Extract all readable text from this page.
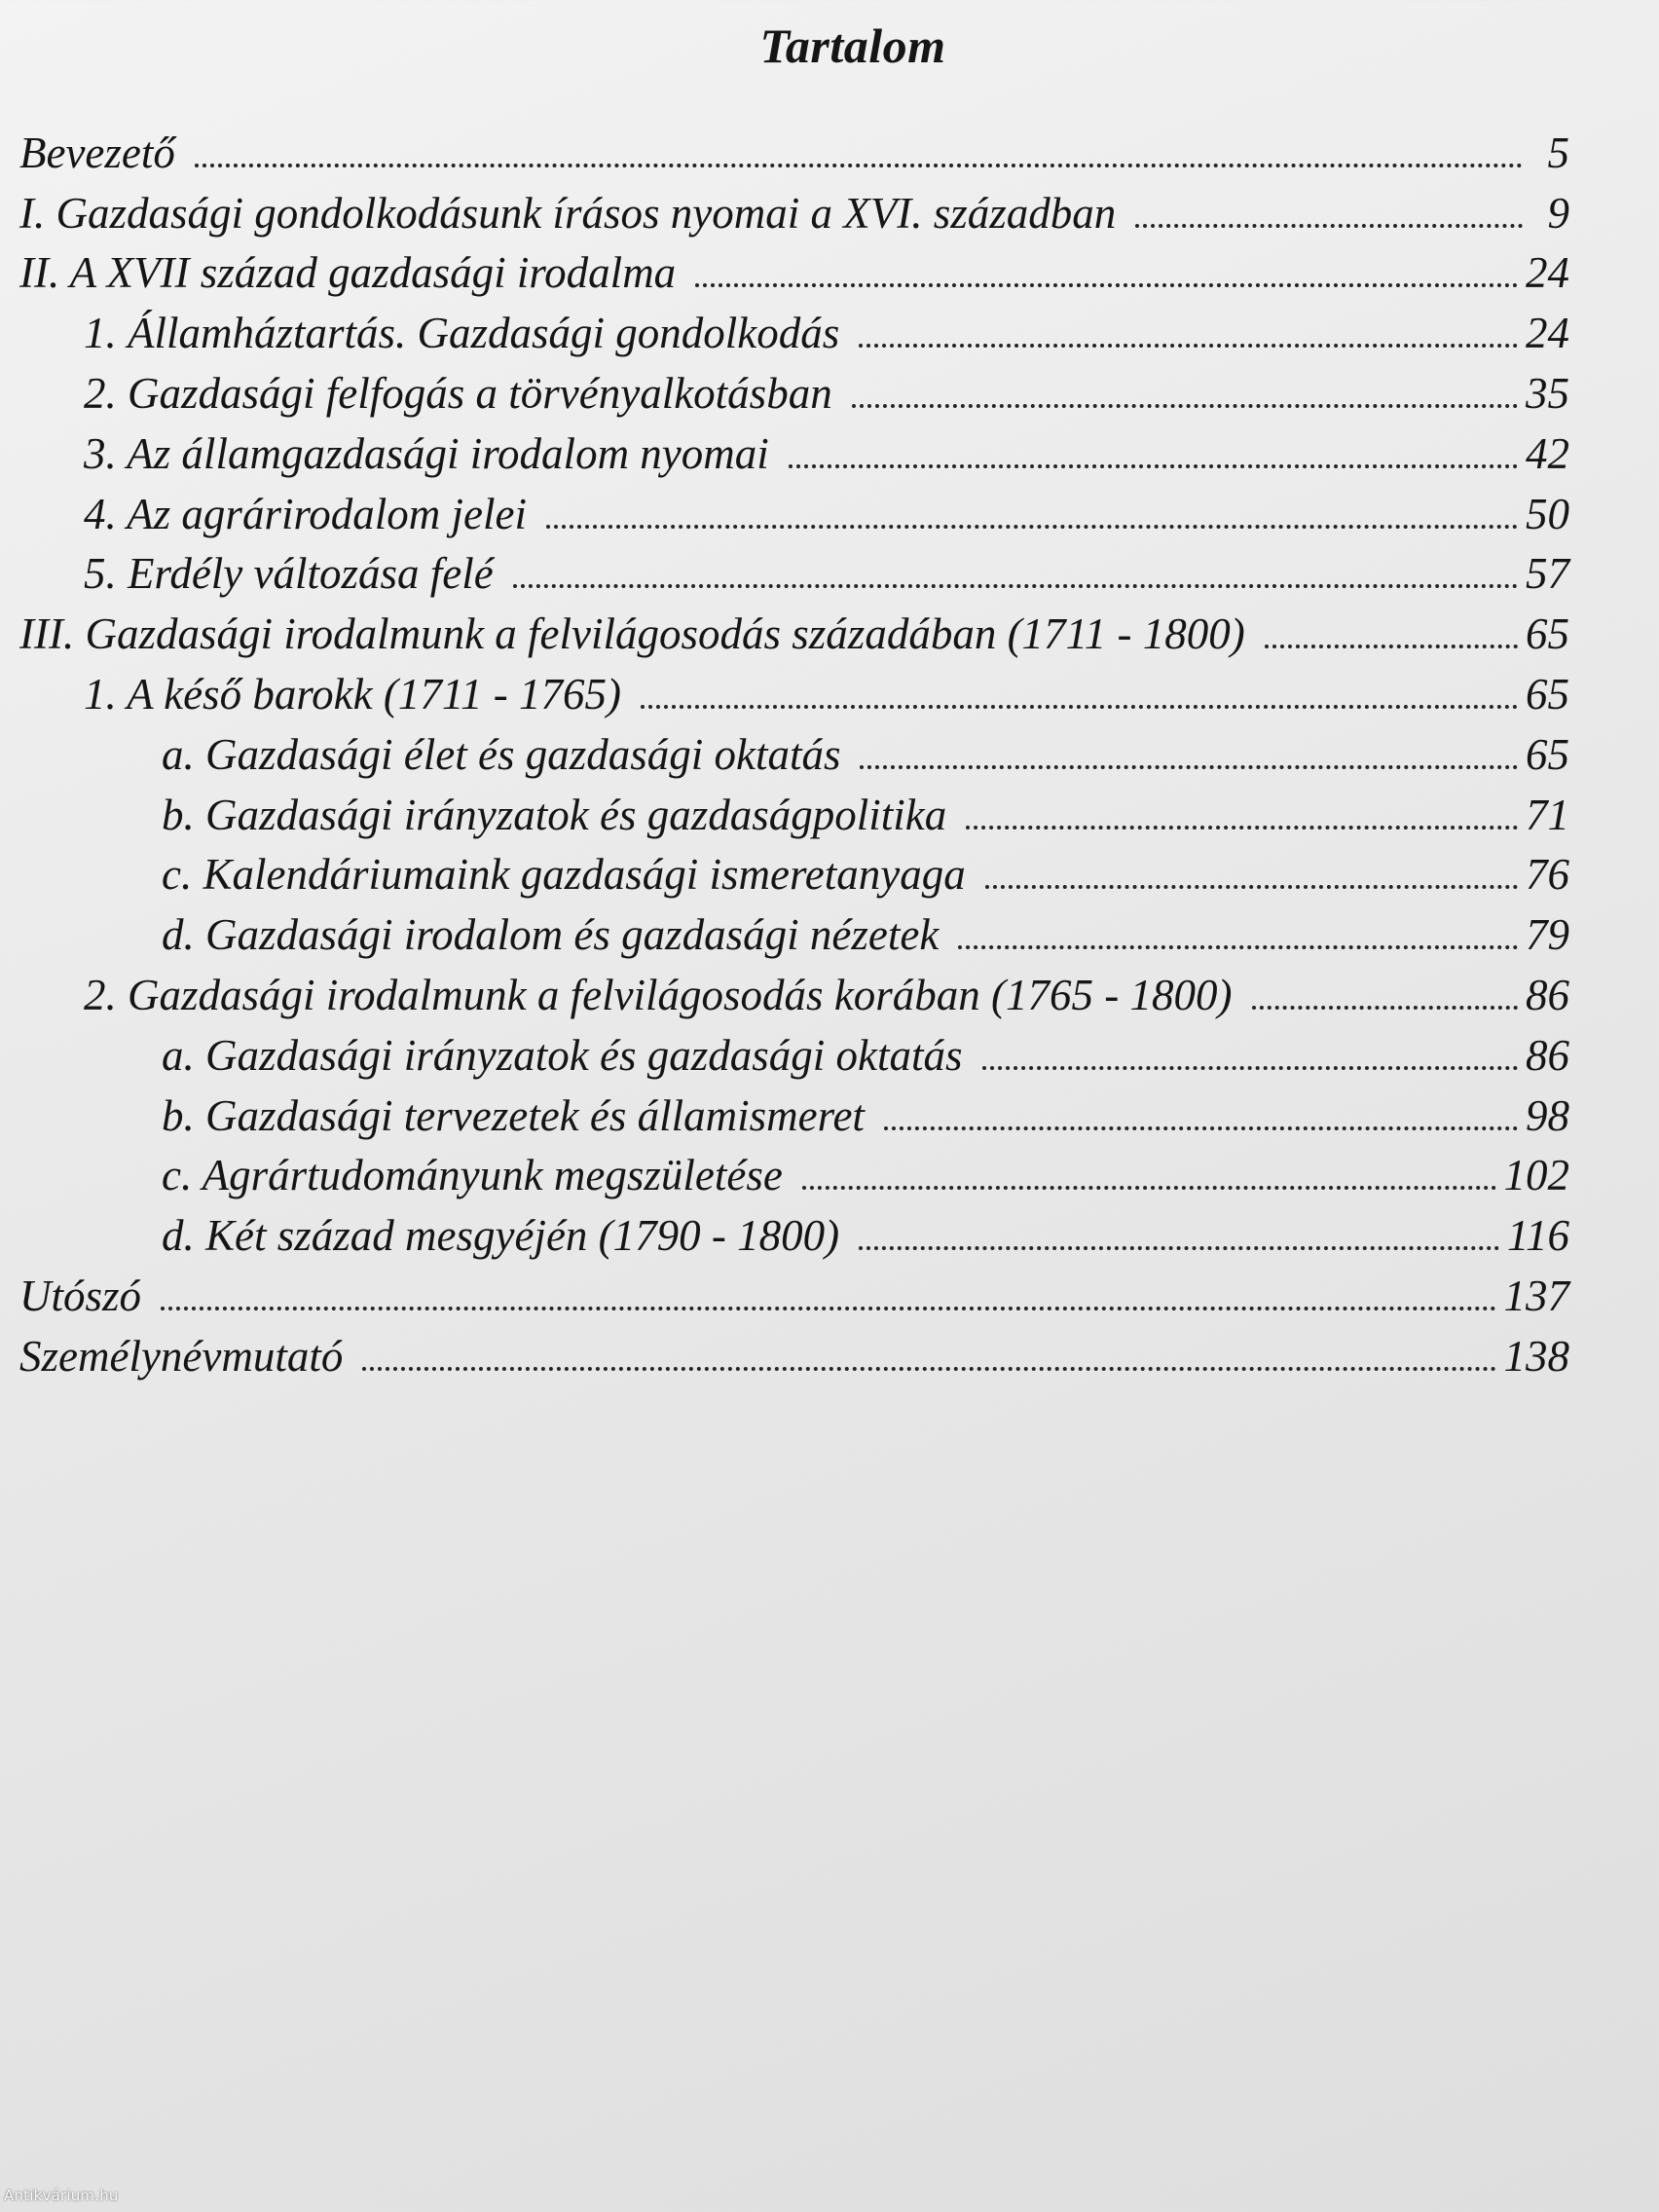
Tartalom
Bevezető	5
I. Gazdasági gondolkodásunk írásos nyomai a XVI. században	9
II. A XVII század gazdasági irodalma	24
1. Államháztartás. Gazdasági gondolkodás	24
2. Gazdasági felfogás a törvényalkotásban	35
3. Az államgazdasági irodalom nyomai	42
4. Az agrárirodalom jelei	50
5. Erdély változása felé	57
III. Gazdasági irodalmunk a felvilágosodás századában (1711 - 1800)	65
1. A késő barokk (1711 - 1765)	65
a. Gazdasági élet és gazdasági oktatás	65
b. Gazdasági irányzatok és gazdaságpolitika	71
c. Kalendáriumaink gazdasági ismeretanyaga	76
d. Gazdasági irodalom és gazdasági nézetek	79
2. Gazdasági irodalmunk a felvilágosodás korában (1765 - 1800)	86
a. Gazdasági irányzatok és gazdasági oktatás	86
b. Gazdasági tervezetek és államismeret	98
c. Agrártudományunk megszületése	102
d. Két század mesgyéjén (1790 - 1800)	116
Utószó	137
Személynévmutató	138
Antikvárium.hu
